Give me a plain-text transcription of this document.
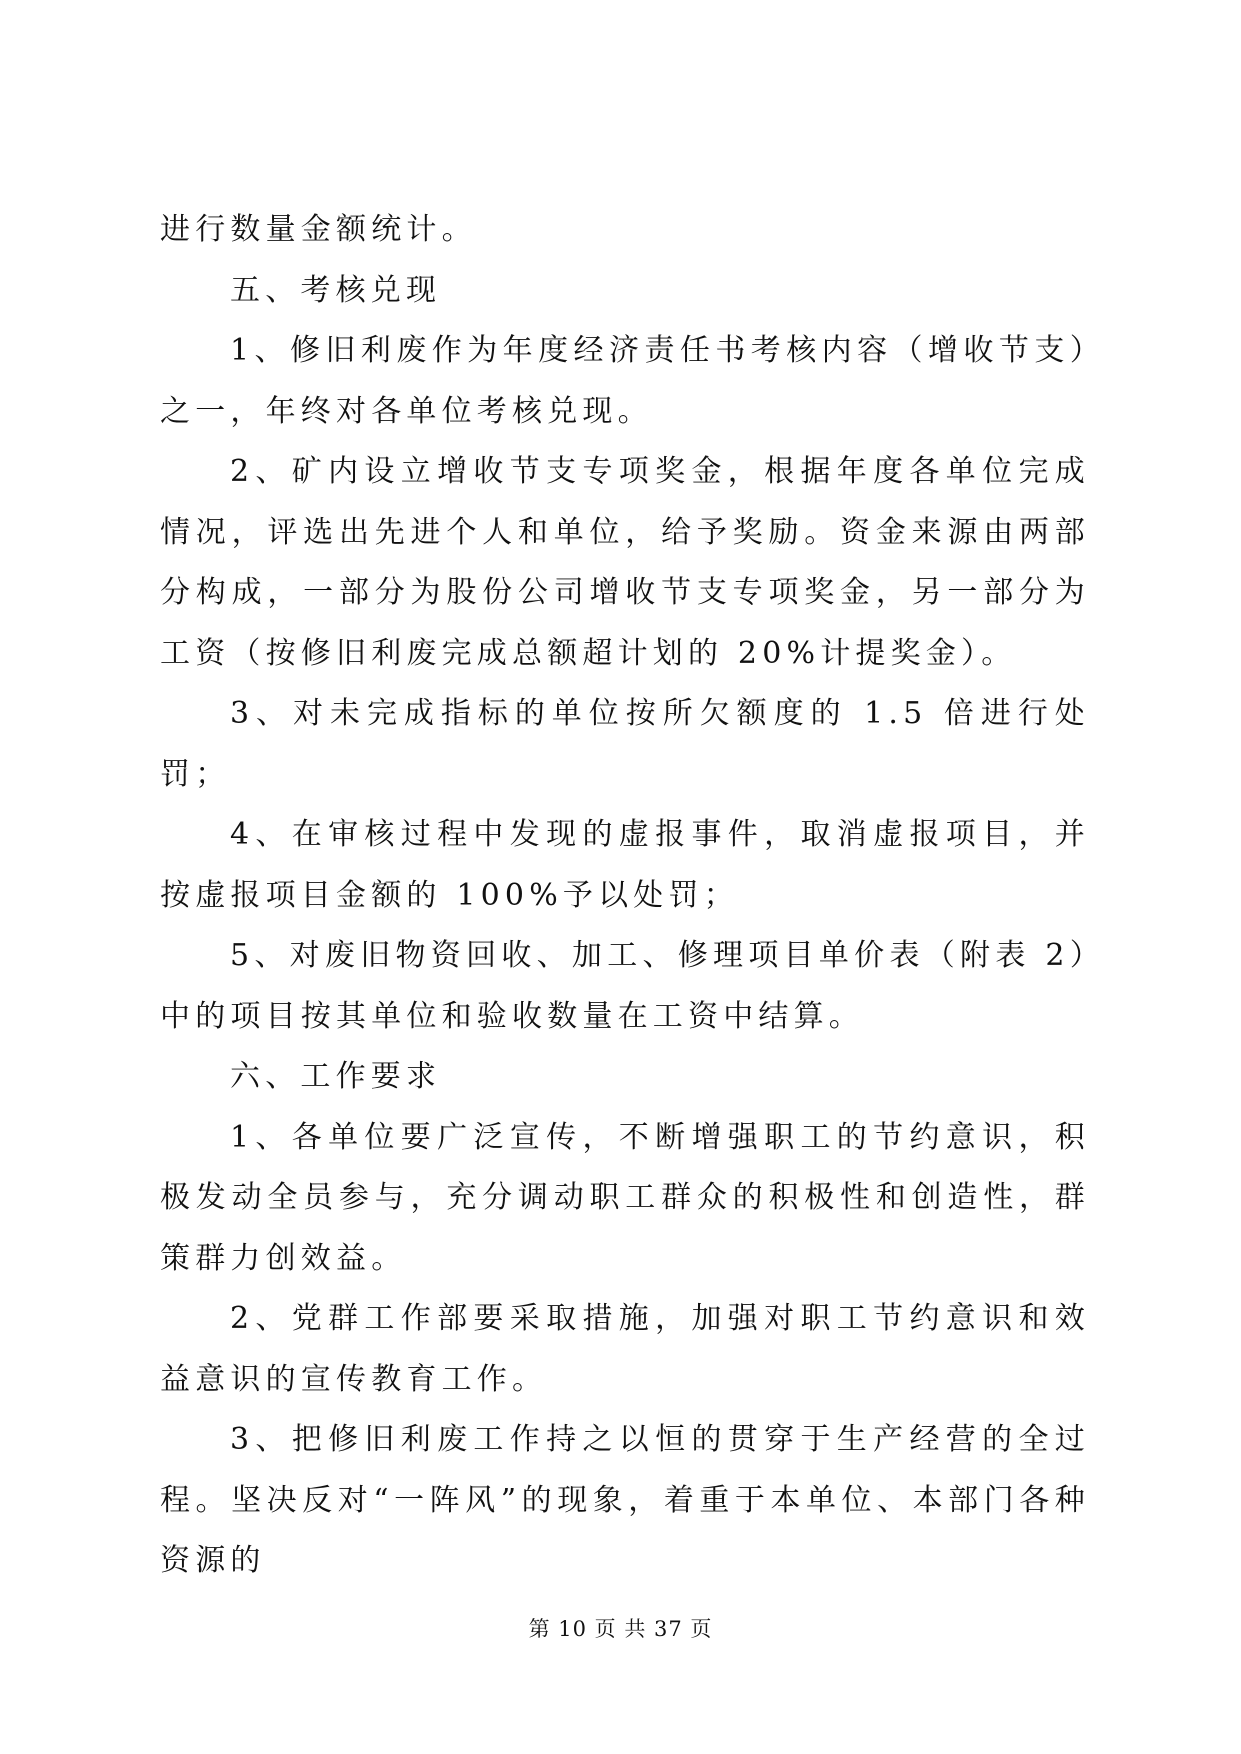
进行数量金额统计。

五、考核兑现

1、修旧利废作为年度经济责任书考核内容（增收节支）之一，年终对各单位考核兑现。

2、矿内设立增收节支专项奖金，根据年度各单位完成情况，评选出先进个人和单位，给予奖励。资金来源由两部分构成，一部分为股份公司增收节支专项奖金，另一部分为工资（按修旧利废完成总额超计划的 20%计提奖金）。

3、对未完成指标的单位按所欠额度的 1.5 倍进行处罚；

4、在审核过程中发现的虚报事件，取消虚报项目，并按虚报项目金额的 100%予以处罚；

5、对废旧物资回收、加工、修理项目单价表（附表 2）中的项目按其单位和验收数量在工资中结算。

六、工作要求

1、各单位要广泛宣传，不断增强职工的节约意识，积极发动全员参与，充分调动职工群众的积极性和创造性，群策群力创效益。

2、党群工作部要采取措施，加强对职工节约意识和效益意识的宣传教育工作。

3、把修旧利废工作持之以恒的贯穿于生产经营的全过程。坚决反对“一阵风”的现象，着重于本单位、本部门各种资源的

第 10 页 共 37 页
